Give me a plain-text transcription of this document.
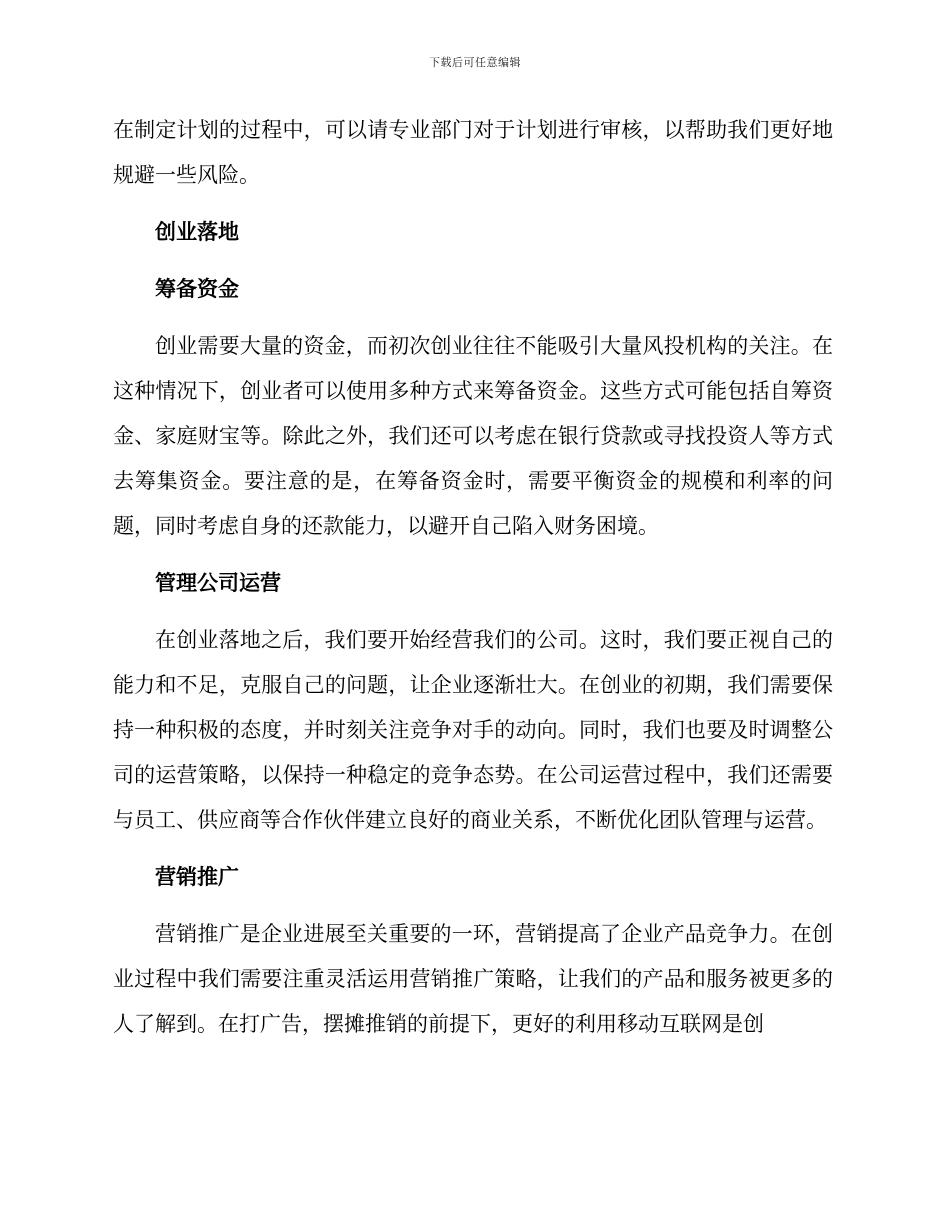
下载后可任意编辑

在制定计划的过程中，可以请专业部门对于计划进行审核，以帮助我们更好地规避一些风险。

创业落地
筹备资金

创业需要大量的资金，而初次创业往往不能吸引大量风投机构的关注。在这种情况下，创业者可以使用多种方式来筹备资金。这些方式可能包括自筹资金、家庭财宝等。除此之外，我们还可以考虑在银行贷款或寻找投资人等方式去筹集资金。要注意的是，在筹备资金时，需要平衡资金的规模和利率的问题，同时考虑自身的还款能力，以避开自己陷入财务困境。

管理公司运营

在创业落地之后，我们要开始经营我们的公司。这时，我们要正视自己的能力和不足，克服自己的问题，让企业逐渐壮大。在创业的初期，我们需要保持一种积极的态度，并时刻关注竞争对手的动向。同时，我们也要及时调整公司的运营策略，以保持一种稳定的竞争态势。在公司运营过程中，我们还需要与员工、供应商等合作伙伴建立良好的商业关系，不断优化团队管理与运营。

营销推广

营销推广是企业进展至关重要的一环，营销提高了企业产品竞争力。在创业过程中我们需要注重灵活运用营销推广策略，让我们的产品和服务被更多的人了解到。在打广告，摆摊推销的前提下，更好的利用移动互联网是创
